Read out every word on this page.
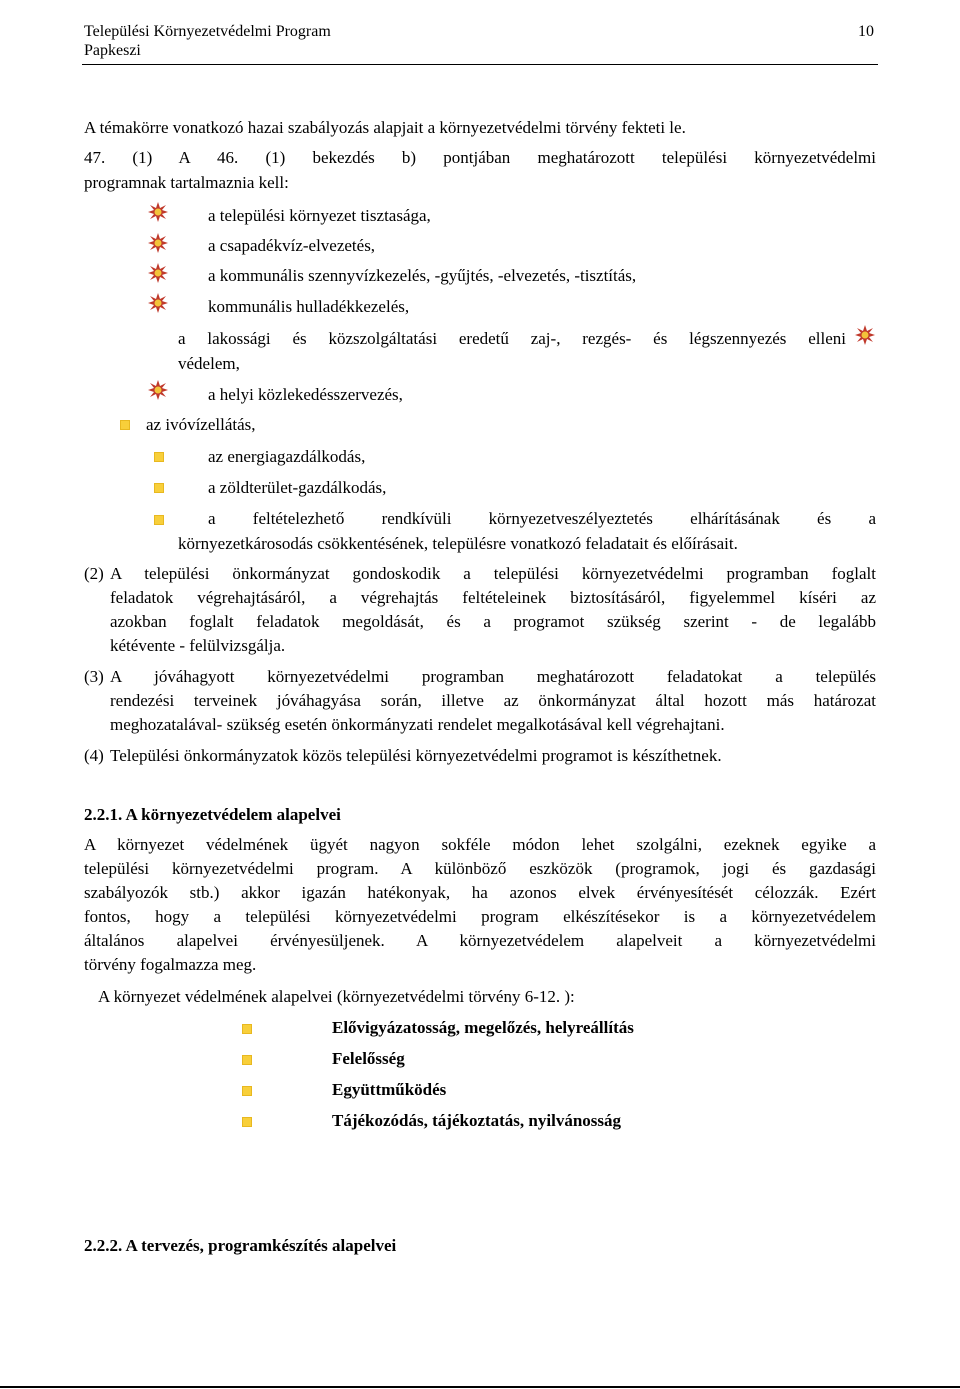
Települési Környezetvédelmi Program
Papkeszi
10
A témakörre vonatkozó hazai szabályozás alapjait a környezetvédelmi törvény fekteti le.
47. (1) A 46. (1) bekezdés b) pontjában meghatározott települési környezetvédelmi
programnak tartalmaznia kell:
a települési környezet tisztasága,
a csapadékvíz-elvezetés,
a kommunális szennyvízkezelés, -gyűjtés, -elvezetés, -tisztítás,
kommunális hulladékkezelés,
a lakossági és közszolgáltatási eredetű zaj-, rezgés- és légszennyezés elleni
védelem,
a helyi közlekedésszervezés,
az ivóvízellátás,
az energiagazdálkodás,
a zöldterület-gazdálkodás,
a feltételezhető rendkívüli környezetveszélyeztetés elhárításának és a
környezetkárosodás csökkentésének, településre vonatkozó feladatait és előírásait.
(2) A települési önkormányzat gondoskodik a települési környezetvédelmi programban foglalt
feladatok végrehajtásáról, a végrehajtás feltételeinek biztosításáról, figyelemmel kíséri az
azokban foglalt feladatok megoldását, és a programot szükség szerint - de legalább
kétévente - felülvizsgálja.
(3) A jóváhagyott környezetvédelmi programban meghatározott feladatokat a település
rendezési terveinek jóváhagyása során, illetve az önkormányzat által hozott más határozat
meghozatalával- szükség esetén önkormányzati rendelet megalkotásával kell végrehajtani.
(4) Települési önkormányzatok közös települési környezetvédelmi programot is készíthetnek.
2.2.1. A környezetvédelem alapelvei
A környezet védelmének ügyét nagyon sokféle módon lehet szolgálni, ezeknek egyike a
települési környezetvédelmi program. A különböző eszközök (programok, jogi és gazdasági
szabályozók stb.) akkor igazán hatékonyak, ha azonos elvek érvényesítését célozzák. Ezért
fontos, hogy a települési környezetvédelmi program elkészítésekor is a környezetvédelem
általános alapelvei érvényesüljenek. A környezetvédelem alapelveit a környezetvédelmi
törvény fogalmazza meg.
A környezet védelmének alapelvei (környezetvédelmi törvény 6-12. ):
Elővigyázatosság, megelőzés, helyreállítás
Felelősség
Együttműködés
Tájékozódás, tájékoztatás, nyilvánosság
2.2.2. A tervezés, programkészítés alapelvei
